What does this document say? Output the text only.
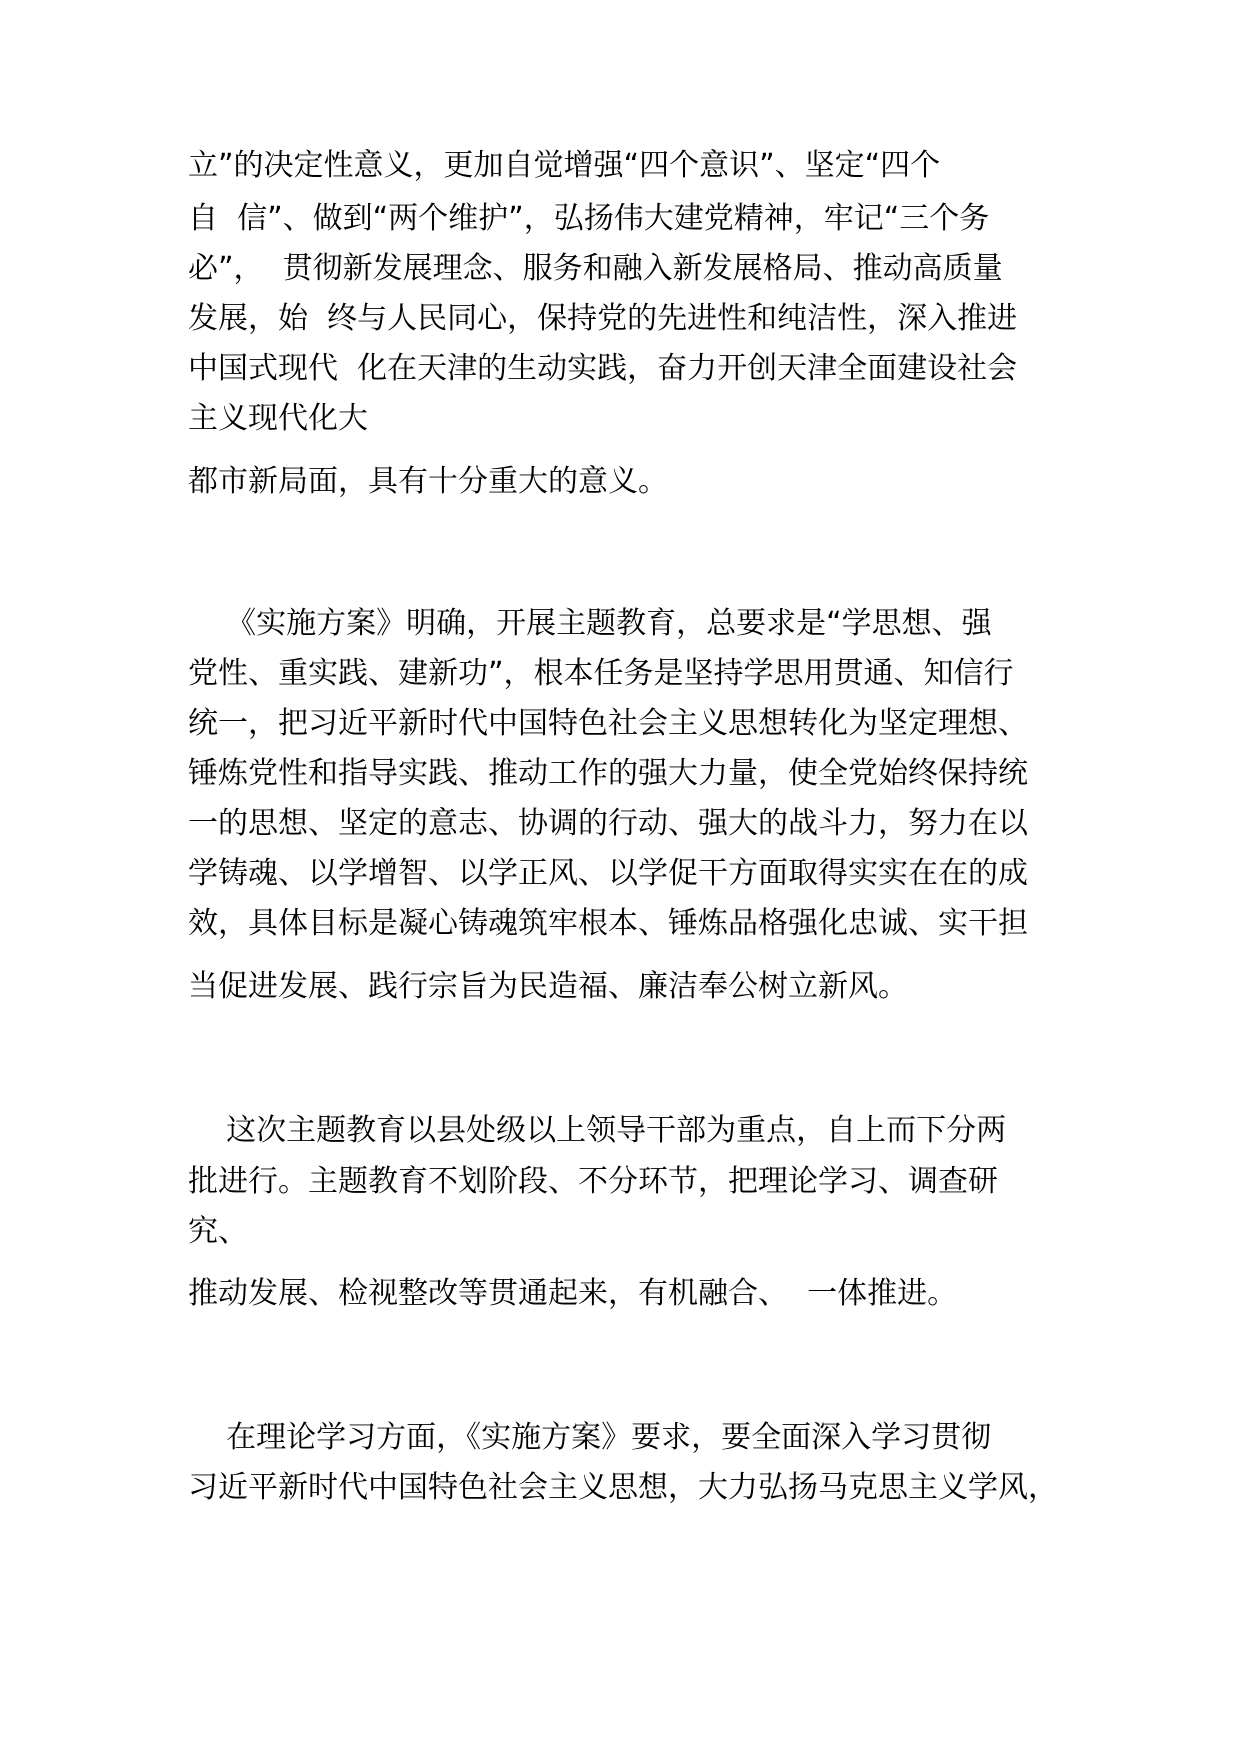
立”的决定性意义，更加自觉增强“四个意识”、坚定“四个

自  信”、做到“两个维护”，弘扬伟大建党精神，牢记“三个务

必”，  贯彻新发展理念、服务和融入新发展格局、推动高质量

发展，始  终与人民同心，保持党的先进性和纯洁性，深入推进

中国式现代  化在天津的生动实践，奋力开创天津全面建设社会

主义现代化大

都市新局面，具有十分重大的意义。

《实施方案》明确，开展主题教育，总要求是“学思想、强

党性、重实践、建新功”，根本任务是坚持学思用贯通、知信行

统一，把习近平新时代中国特色社会主义思想转化为坚定理想、

锤炼党性和指导实践、推动工作的强大力量，使全党始终保持统

一的思想、坚定的意志、协调的行动、强大的战斗力，努力在以

学铸魂、以学增智、以学正风、以学促干方面取得实实在在的成

效，具体目标是凝心铸魂筑牢根本、锤炼品格强化忠诚、实干担

当促进发展、践行宗旨为民造福、廉洁奉公树立新风。

这次主题教育以县处级以上领导干部为重点，自上而下分两

批进行。主题教育不划阶段、不分环节，把理论学习、调查研

究、

推动发展、检视整改等贯通起来，有机融合、  一体推进。

在理论学习方面，《实施方案》要求，要全面深入学习贯彻

习近平新时代中国特色社会主义思想，大力弘扬马克思主义学风，
